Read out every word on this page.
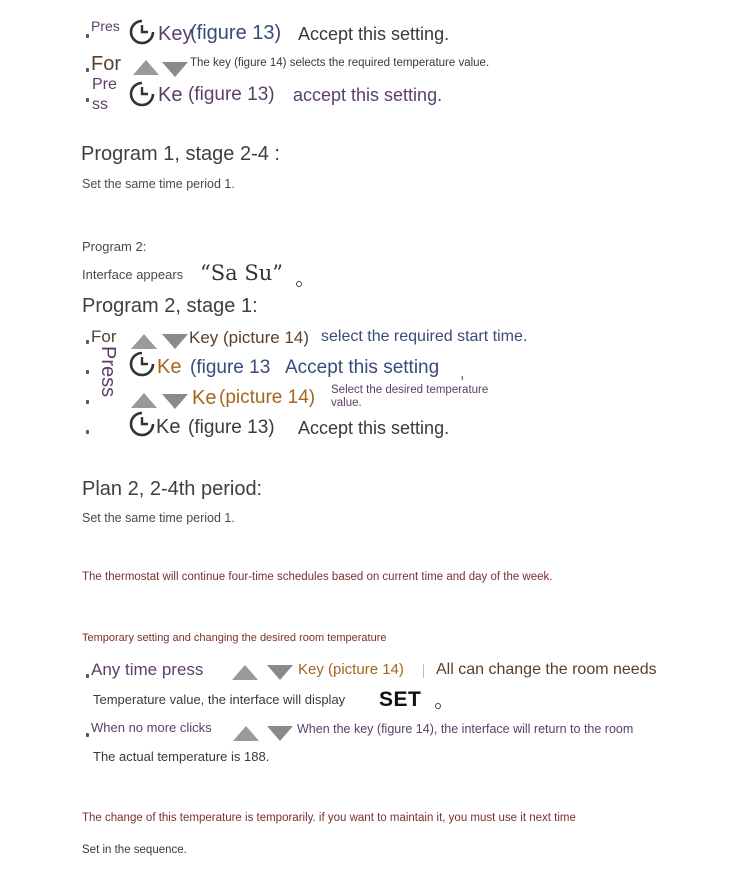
Pres Key
(figure 13) Accept this setting.
For	The key (figure 14) selects the required temperature value.
Pre
ss	Ke (figure 13) accept this setting.
Program 1, stage 2-4 :
Set the same time period 1.
Program 2:
Interface appears “Sa Su”
Program 2, stage 1:
For	Key (picture 14) select the required start time.
Press Ke (figure 13 Accept this setting ,
Ke (picture 14) Select the desired temperature
value.
Ke (figure 13) Accept this setting.
Plan 2, 2-4th period:
Set the same time period 1.
The thermostat will continue four-time schedules based on current time and day of the week.
Temporary setting and changing the desired room temperature
Any time press	Key (picture 14) All can change the room needs
Temperature value, the interface will display SET
When no more clicks	When the key (figure 14), the interface will return to the room
The actual temperature is 188.
The change of this temperature is temporarily. if you want to maintain it, you must use it next time
Set in the sequence.
